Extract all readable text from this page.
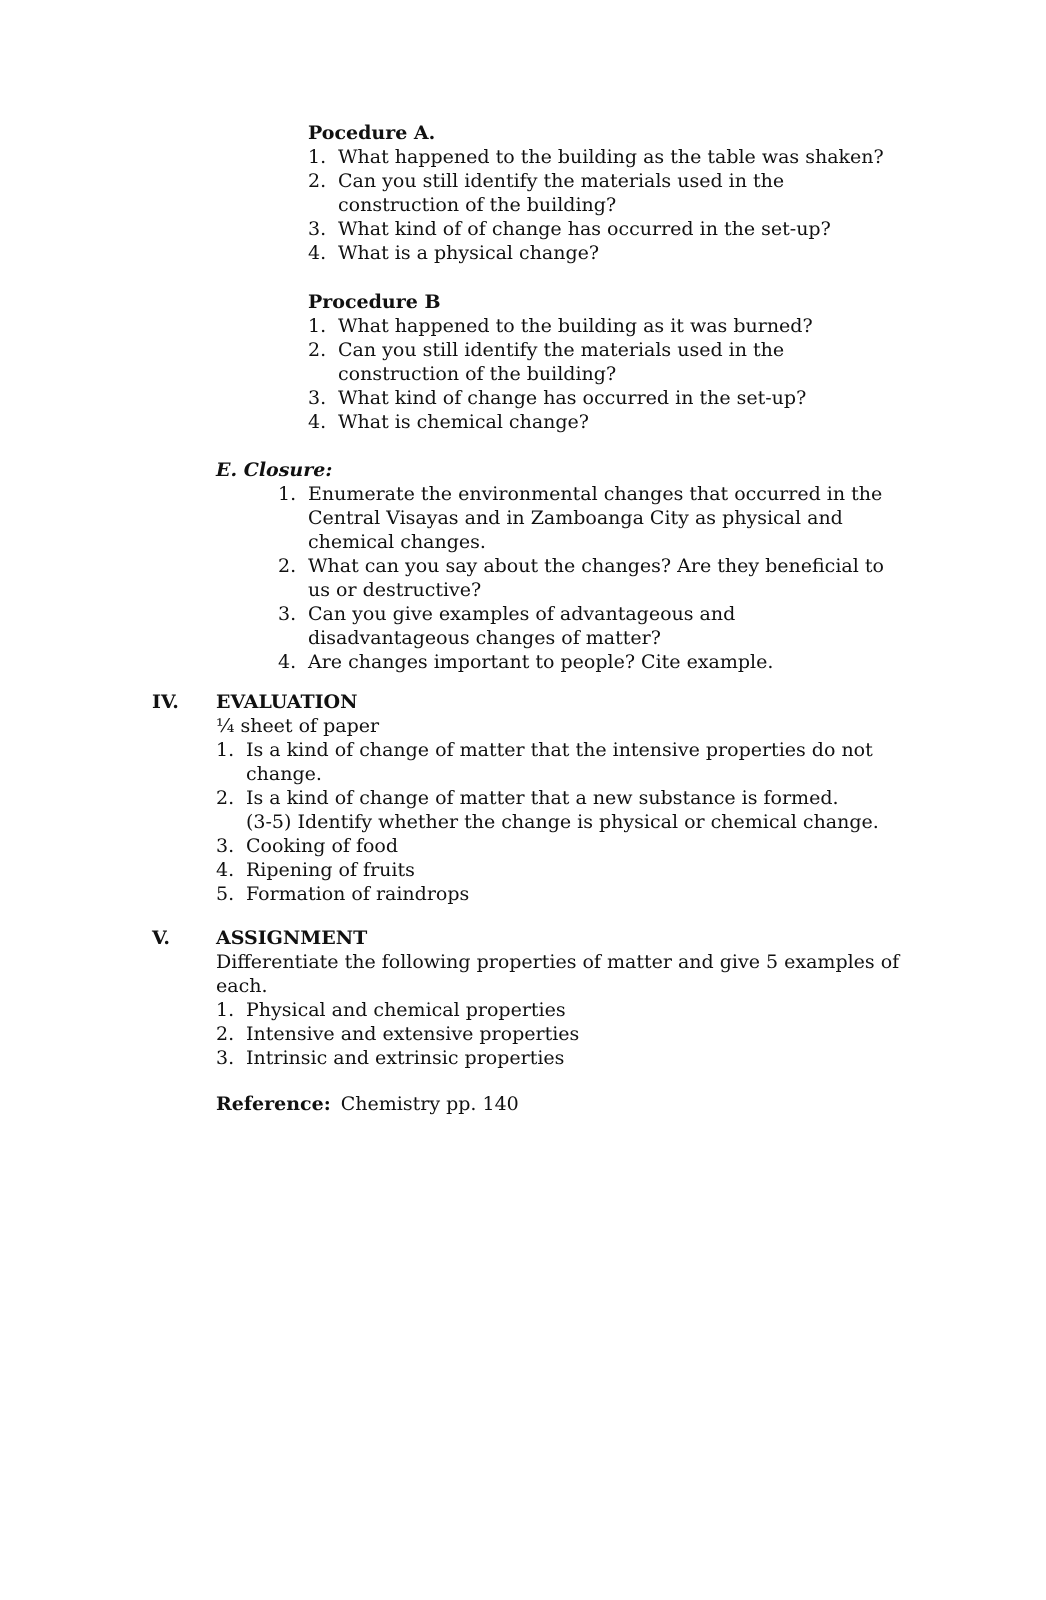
Pocedure A.

1. What happened to the building as the table was shaken?
2. Can you still identify the materials used in the construction of the building?
3. What kind of of change has occurred in the set-up?
4. What is a physical change?

Procedure B

1. What happened to the building as it was burned?
2. Can you still identify the materials used in the construction of the building?
3. What kind of change has occurred in the set-up?
4. What is chemical change?

E. Closure:

1. Enumerate the environmental changes that occurred in the Central Visayas and in Zamboanga City as physical and chemical changes.
2. What can you say about the changes? Are they beneficial to us or destructive?
3. Can you give examples of advantageous and disadvantageous changes of matter?
4. Are changes important to people? Cite example.
IV.	EVALUATION

¼ sheet of paper

1. Is a kind of change of matter that the intensive properties do not change.
2. Is a kind of change of matter that a new substance is formed.

(3-5) Identify whether the change is physical or chemical change.

3. Cooking of food
4. Ripening of fruits
5. Formation of raindrops
V.	ASSIGNMENT

Differentiate the following properties of matter and give 5 examples of each.

1. Physical and chemical properties
2. Intensive and extensive properties
3. Intrinsic and extrinsic properties
Reference: Chemistry pp. 140
